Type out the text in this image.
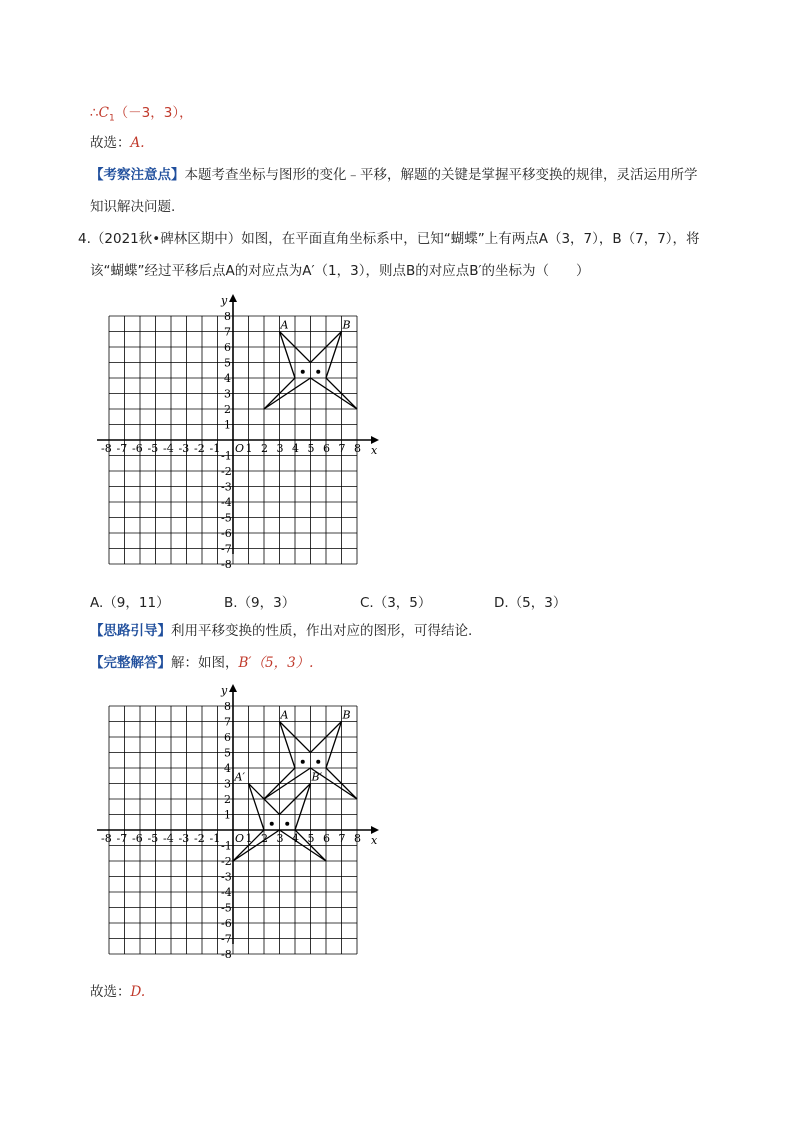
$\therefore C_1(-3$，3），
故选：A.
【考察注意点】本题考查坐标与图形的变化﹣平移，解题的关键是掌握平移变换的规律，灵活运用所学
知识解决问题.
4.（2021秋•碑林区期中）如图，在平面直角坐标系中，已知“蝴蝶”上有两点A（3，7），B（7，7），将
该“蝴蝶”经过平移后点A的对应点为A′（1，3），则点B的对应点B′的坐标为（　　）
x
y
O
-8 -7 -6 -5 -4 -3 -2 -1 1 2 3 4 5 6 7 8
8
7
6
5
4
3
2
1
-1
-2
-3
-4
-5
-6
-7
-8
A	B
A.（9，11）	B.（9，3）	C.（3，5）	D.（5，3）
【思路引导】利用平移变换的性质，作出对应的图形，可得结论.
【完整解答】解：如图，B′（5，3）.
x
y
O
-8 -7 -6 -5 -4 -3 -2 -1 1 2 3 4 5 6 7 8
8
7
6
5
4
3
2
1
-1
-2
-3
-4
-5
-6
-7
-8
A	B
A′	B′
故选：D.
